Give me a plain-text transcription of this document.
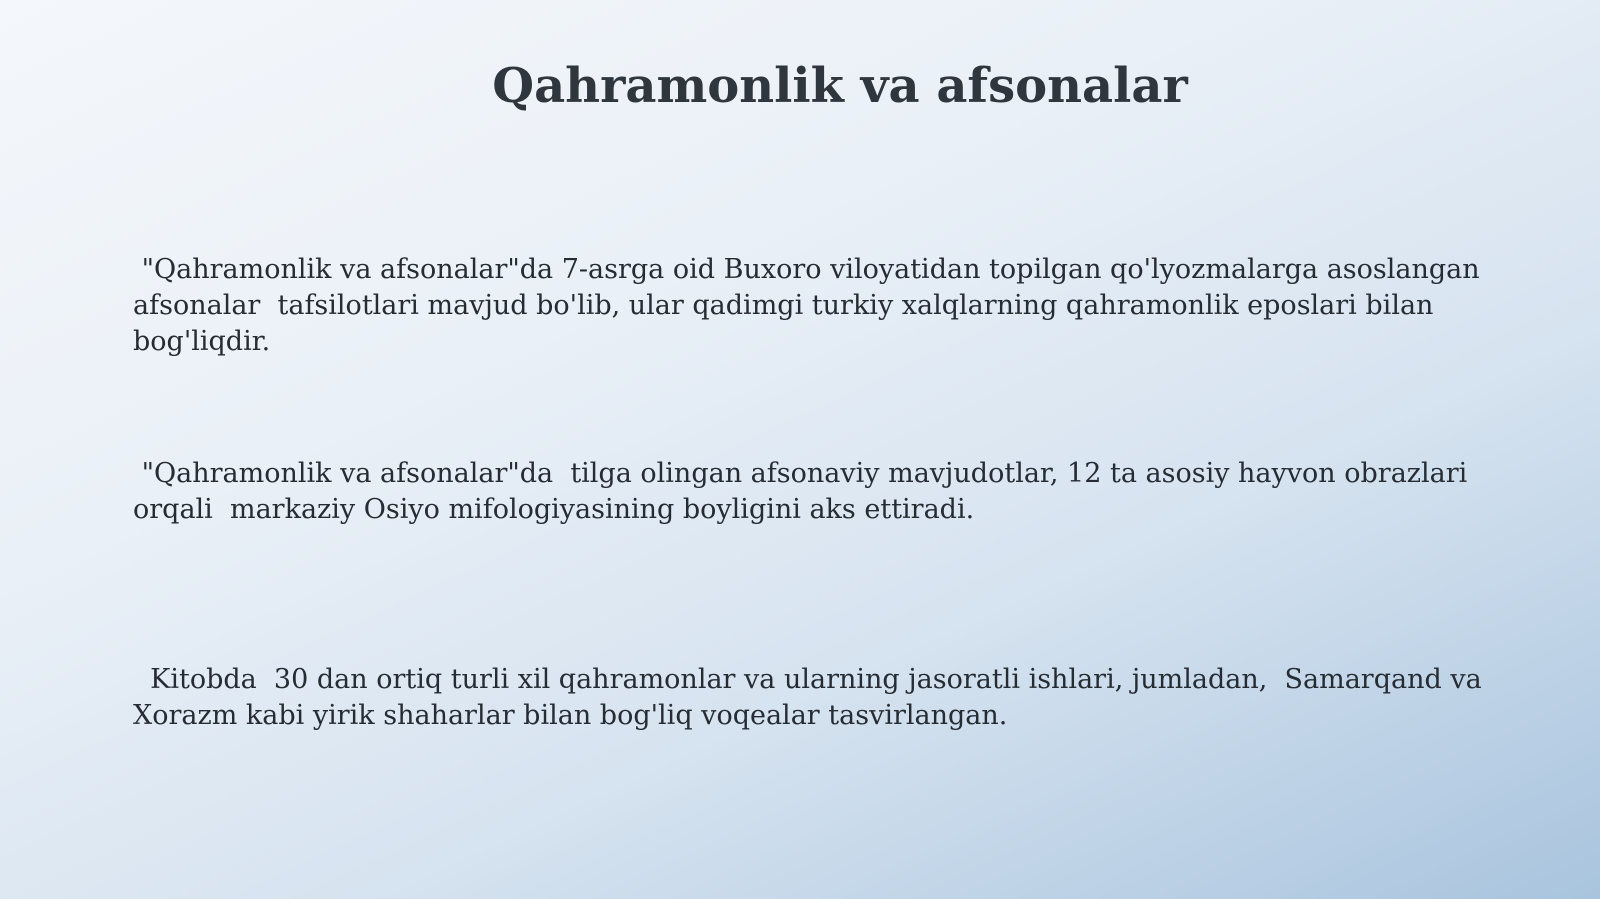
Qahramonlik va afsonalar

"Qahramonlik va afsonalar"da 7-asrga oid Buxoro viloyatidan topilgan qo'lyozmalarga asoslangan afsonalar  tafsilotlari mavjud bo'lib, ular qadimgi turkiy xalqlarning qahramonlik eposlari bilan bog'liqdir.

"Qahramonlik va afsonalar"da  tilga olingan afsonaviy mavjudotlar, 12 ta asosiy hayvon obrazlari orqali  markaziy Osiyo mifologiyasining boyligini aks ettiradi.

Kitobda  30 dan ortiq turli xil qahramonlar va ularning jasoratli ishlari, jumladan,  Samarqand va Xorazm kabi yirik shaharlar bilan bog'liq voqealar tasvirlangan.
